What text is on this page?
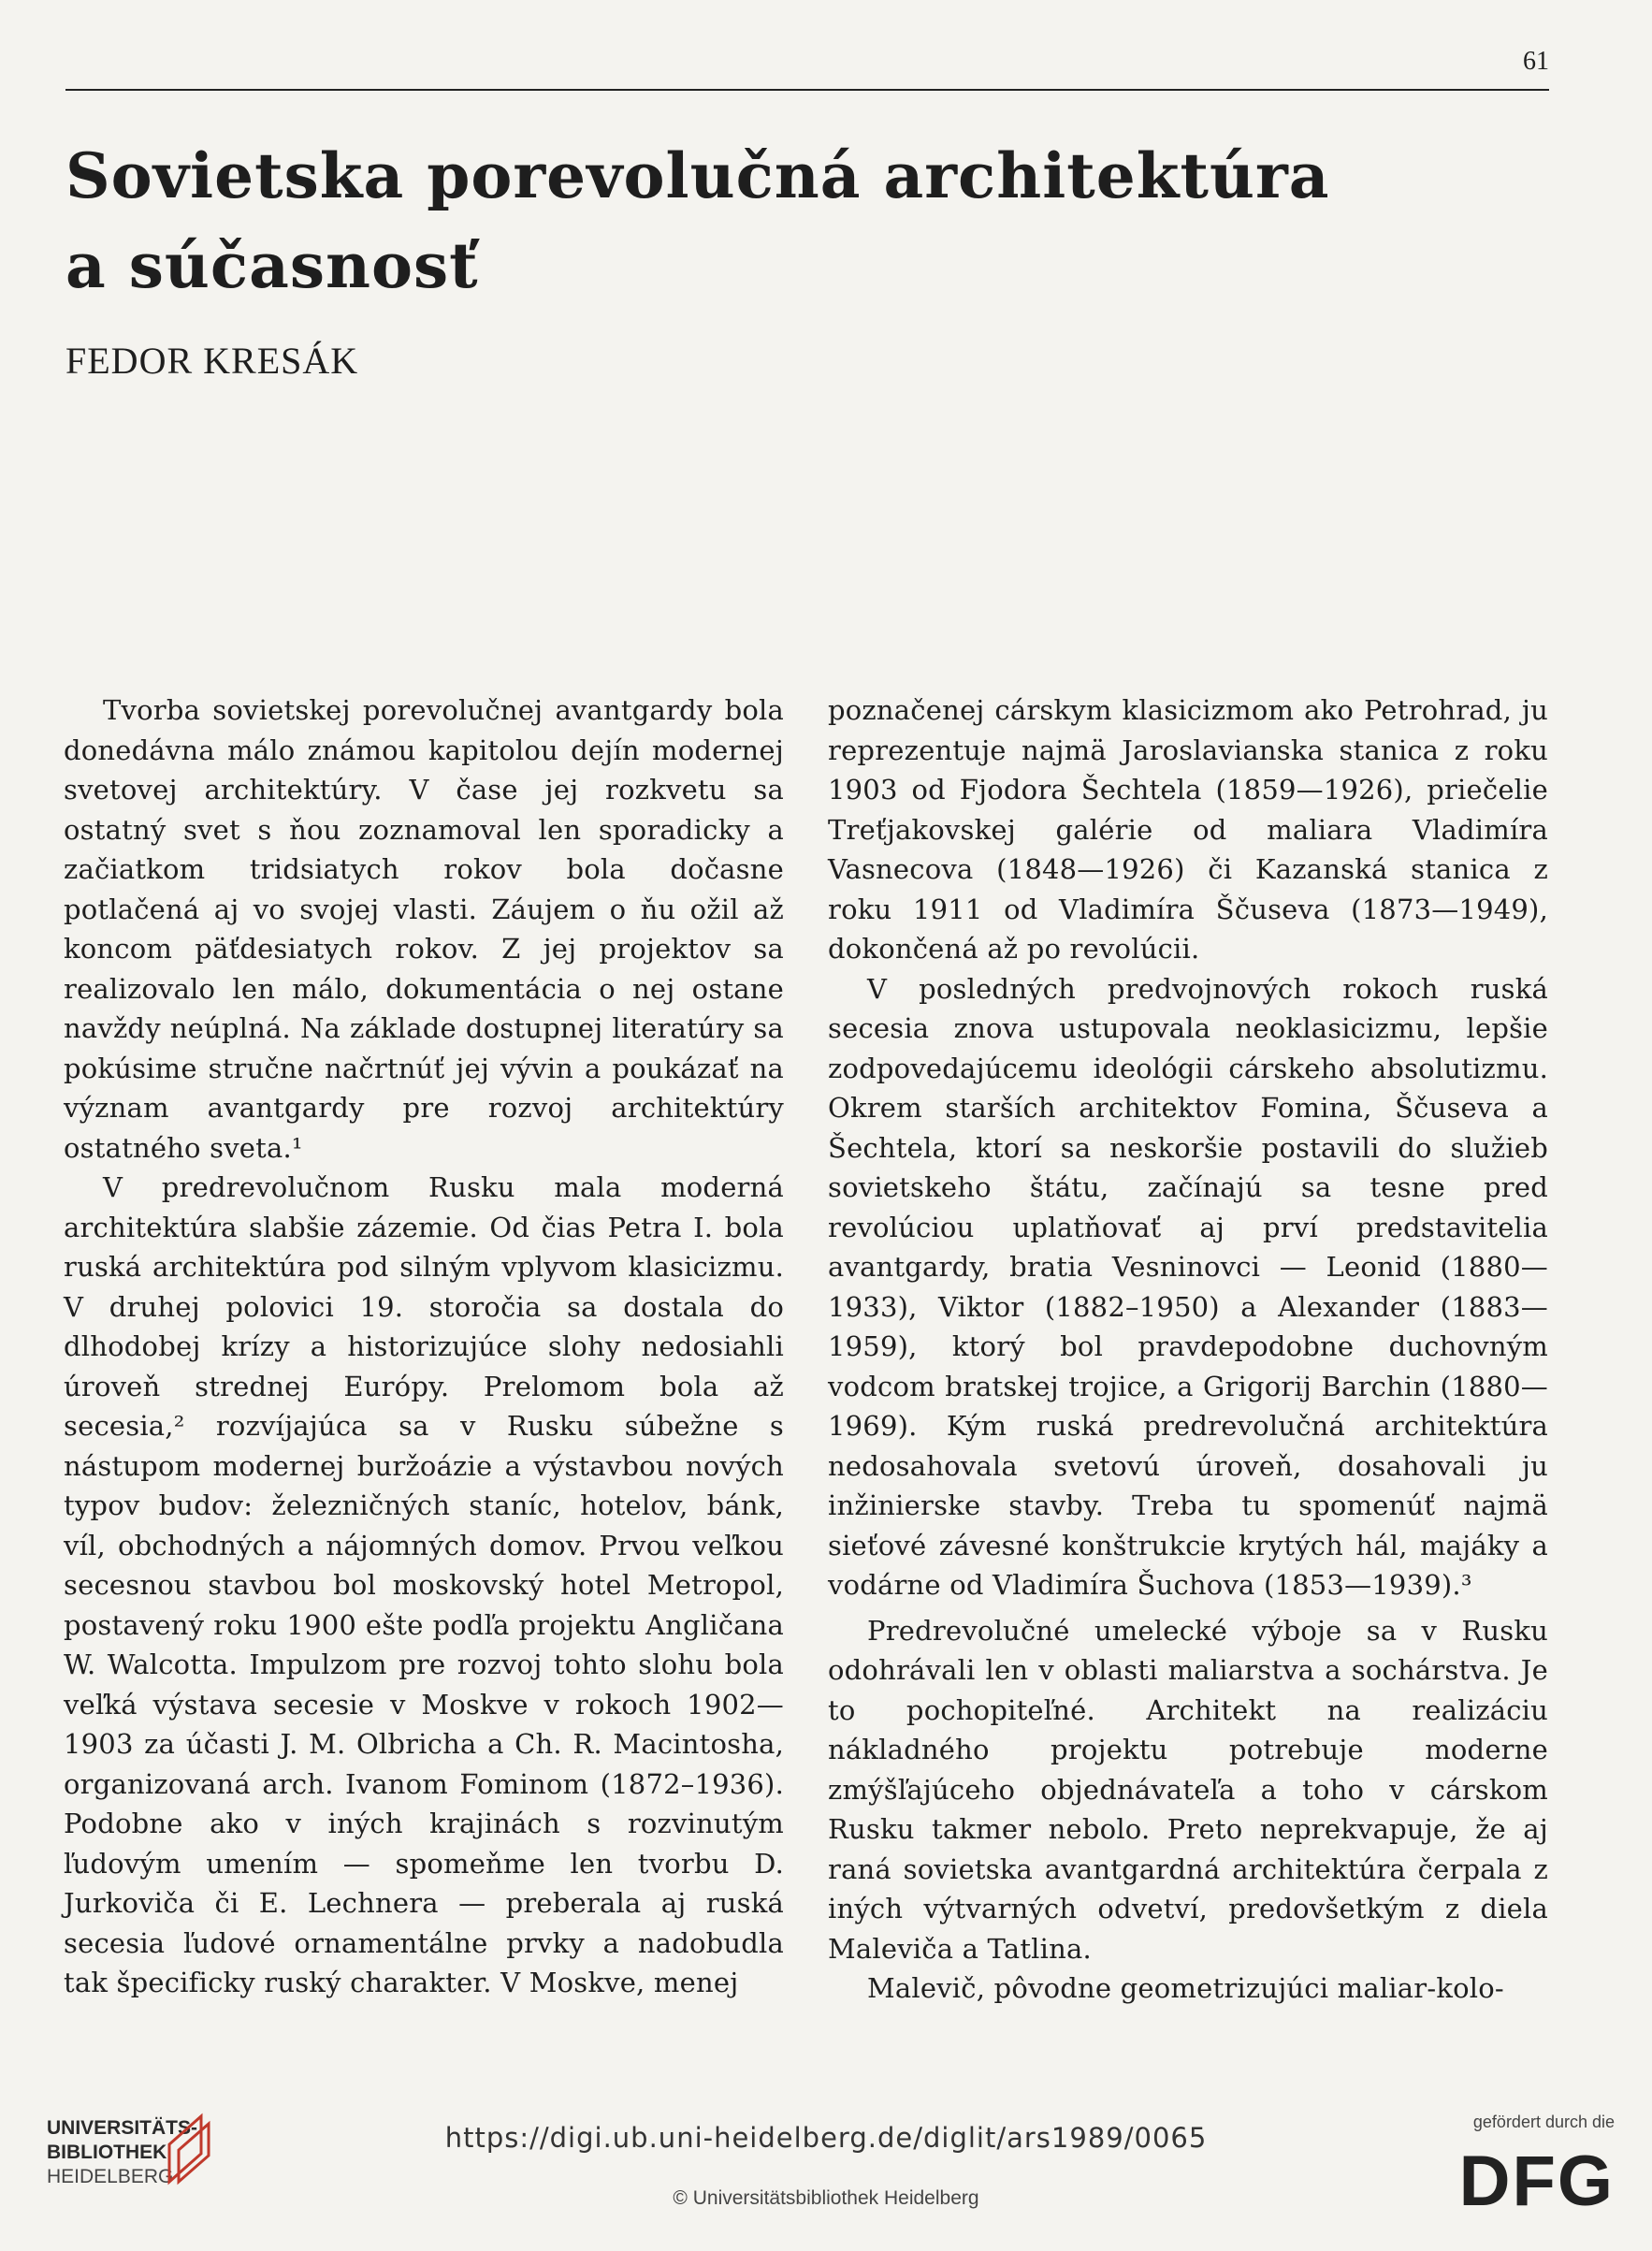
61
Sovietska porevolučná architektúra
a súčasnosť
FEDOR KRESÁK

Tvorba sovietskej porevolučnej avantgardy bola donedávna málo známou kapitolou dejín modernej svetovej architektúry. V čase jej rozkvetu sa ostatný svet s ňou zoznamoval len sporadicky a začiatkom tridsiatych rokov bola dočasne potlačená aj vo svojej vlasti. Záujem o ňu ožil až koncom päťdesiatych rokov. Z jej projektov sa realizovalo len málo, dokumentácia o nej ostane navždy neúplná. Na základe dostupnej literatúry sa pokúsime stručne načrtnúť jej vývin a poukázať na význam avantgardy pre rozvoj architektúry ostatného sveta.¹

V predrevolučnom Rusku mala moderná architektúra slabšie zázemie. Od čias Petra I. bola ruská architektúra pod silným vplyvom klasicizmu. V druhej polovici 19. storočia sa dostala do dlhodobej krízy a historizujúce slohy nedosiahli úroveň strednej Európy. Prelomom bola až secesia,² rozvíjajúca sa v Rusku súbežne s nástupom modernej buržoázie a výstavbou nových typov budov: železničných staníc, hotelov, bánk, víl, obchodných a nájomných domov. Prvou veľkou secesnou stavbou bol moskovský hotel Metropol, postavený roku 1900 ešte podľa projektu Angličana W. Walcotta. Impulzom pre rozvoj tohto slohu bola veľká výstava secesie v Moskve v rokoch 1902—1903 za účasti J. M. Olbricha a Ch. R. Macintosha, organizovaná arch. Ivanom Fominom (1872–1936). Podobne ako v iných krajinách s rozvinutým ľudovým umením — spomeňme len tvorbu D. Jurkoviča či E. Lechnera — preberala aj ruská secesia ľudové ornamentálne prvky a nadobudla tak špecificky ruský charakter. V Moskve, menej

poznačenej cárskym klasicizmom ako Petrohrad, ju reprezentuje najmä Jaroslavianska stanica z roku 1903 od Fjodora Šechtela (1859—1926), priečelie Treťjakovskej galérie od maliara Vladimíra Vasnecova (1848—1926) či Kazanská stanica z roku 1911 od Vladimíra Ščuseva (1873—1949), dokončená až po revolúcii.

V posledných predvojnových rokoch ruská secesia znova ustupovala neoklasicizmu, lepšie zodpovedajúcemu ideológii cárskeho absolutizmu. Okrem starších architektov Fomina, Ščuseva a Šechtela, ktorí sa neskoršie postavili do služieb sovietskeho štátu, začínajú sa tesne pred revolúciou uplatňovať aj prví predstavitelia avantgardy, bratia Vesninovci — Leonid (1880—1933), Viktor (1882–1950) a Alexander (1883—1959), ktorý bol pravdepodobne duchovným vodcom bratskej trojice, a Grigorij Barchin (1880—1969). Kým ruská predrevolučná architektúra nedosahovala svetovú úroveň, dosahovali ju inžinierske stavby. Treba tu spomenúť najmä sieťové závesné konštrukcie krytých hál, majáky a vodárne od Vladimíra Šuchova (1853—1939).³

Predrevolučné umelecké výboje sa v Rusku odohrávali len v oblasti maliarstva a sochárstva. Je to pochopiteľné. Architekt na realizáciu nákladného projektu potrebuje moderne zmýšľajúceho objednávateľa a toho v cárskom Rusku takmer nebolo. Preto neprekvapuje, že aj raná sovietska avantgardná architektúra čerpala z iných výtvarných odvetví, predovšetkým z diela Maleviča a Tatlina.

Malevič, pôvodne geometrizujúci maliar-kolo-

UNIVERSITÄTS-
BIBLIOTHEK
HEIDELBERG
https://digi.ub.uni-heidelberg.de/diglit/ars1989/0065
© Universitätsbibliothek Heidelberg
gefördert durch die
DFG
